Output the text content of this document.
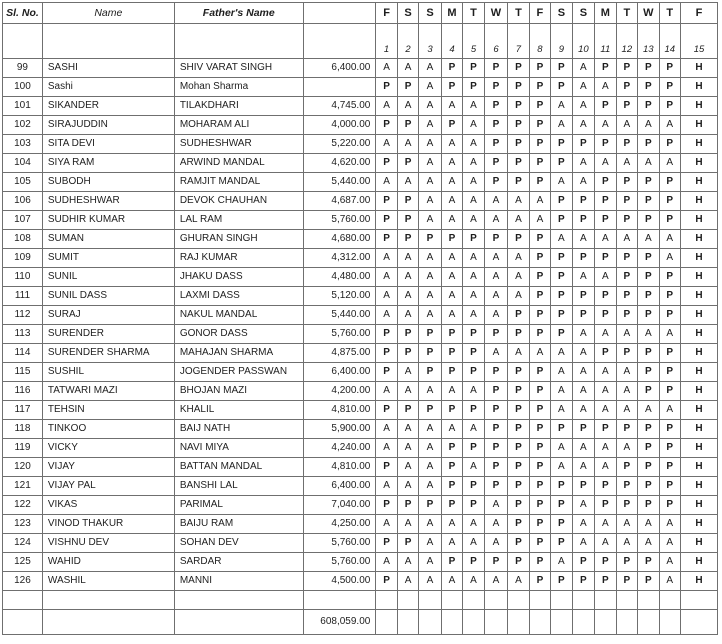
Sl. No.	Name	Father's Name		F	S	S	M	T	W	T	F	S	S	M	T	W	T	F
				1	2	3	4	5	6	7	8	9	10	11	12	13	14	15
99	SASHI	SHIV VARAT SINGH	6,400.00	A	A	A	P	P	P	P	P	P	A	P	P	P	P	H
100	Sashi	Mohan Sharma		P	P	A	P	P	P	P	P	P	A	A	P	P	P	H
101	SIKANDER	TILAKDHARI	4,745.00	A	A	A	A	A	P	P	P	A	A	P	P	P	P	H
102	SIRAJUDDIN	MOHARAM ALI	4,000.00	P	P	A	P	A	P	P	P	A	A	A	A	A	A	H
103	SITA DEVI	SUDHESHWAR	5,220.00	A	A	A	A	A	P	P	P	P	P	P	P	P	P	H
104	SIYA RAM	ARWIND MANDAL	4,620.00	P	P	A	A	A	P	P	P	P	A	A	A	A	A	H
105	SUBODH	RAMJIT MANDAL	5,440.00	A	A	A	A	A	P	P	P	A	A	P	P	P	P	H
106	SUDHESHWAR	DEVOK CHAUHAN	4,687.00	P	P	A	A	A	A	A	A	P	P	P	P	P	P	H
107	SUDHIR KUMAR	LAL RAM	5,760.00	P	P	A	A	A	A	A	A	P	P	P	P	P	P	H
108	SUMAN	GHURAN SINGH	4,680.00	P	P	P	P	P	P	P	P	A	A	A	A	A	A	H
109	SUMIT	RAJ KUMAR	4,312.00	A	A	A	A	A	A	A	P	P	P	P	P	P	A	H
110	SUNIL	JHAKU DASS	4,480.00	A	A	A	A	A	A	A	P	P	A	A	P	P	P	H
111	SUNIL DASS	LAXMI DASS	5,120.00	A	A	A	A	A	A	A	P	P	P	P	P	P	P	H
112	SURAJ	NAKUL MANDAL	5,440.00	A	A	A	A	A	A	P	P	P	P	P	P	P	P	H
113	SURENDER	GONOR DASS	5,760.00	P	P	P	P	P	P	P	P	P	A	A	A	A	A	H
114	SURENDER SHARMA	MAHAJAN SHARMA	4,875.00	P	P	P	P	P	A	A	A	A	A	P	P	P	P	H
115	SUSHIL	JOGENDER PASSWAN	6,400.00	P	A	P	P	P	P	P	P	A	A	A	A	P	P	H
116	TATWARI MAZI	BHOJAN MAZI	4,200.00	A	A	A	A	A	P	P	P	A	A	A	A	P	P	H
117	TEHSIN	KHALIL	4,810.00	P	P	P	P	P	P	P	P	A	A	A	A	A	A	H
118	TINKOO	BAIJ NATH	5,900.00	A	A	A	A	A	P	P	P	P	P	P	P	P	P	H
119	VICKY	NAVI MIYA	4,240.00	A	A	A	P	P	P	P	P	A	A	A	A	P	P	H
120	VIJAY	BATTAN MANDAL	4,810.00	P	A	A	P	A	P	P	P	A	A	A	P	P	P	H
121	VIJAY PAL	BANSHI LAL	6,400.00	A	A	A	P	P	P	P	P	P	P	P	P	P	P	H
122	VIKAS	PARIMAL	7,040.00	P	P	P	P	P	A	P	P	P	A	P	P	P	P	H
123	VINOD THAKUR	BAIJU RAM	4,250.00	A	A	A	A	A	A	P	P	P	A	A	A	A	A	H
124	VISHNU DEV	SOHAN DEV	5,760.00	P	P	A	A	A	A	P	P	P	A	A	A	A	A	H
125	WAHID	SARDAR	5,760.00	A	A	A	P	P	P	P	P	A	P	P	P	P	A	H
126	WASHIL	MANNI	4,500.00	P	A	A	A	A	A	A	P	P	P	P	P	P	A	H

			608,059.00															
